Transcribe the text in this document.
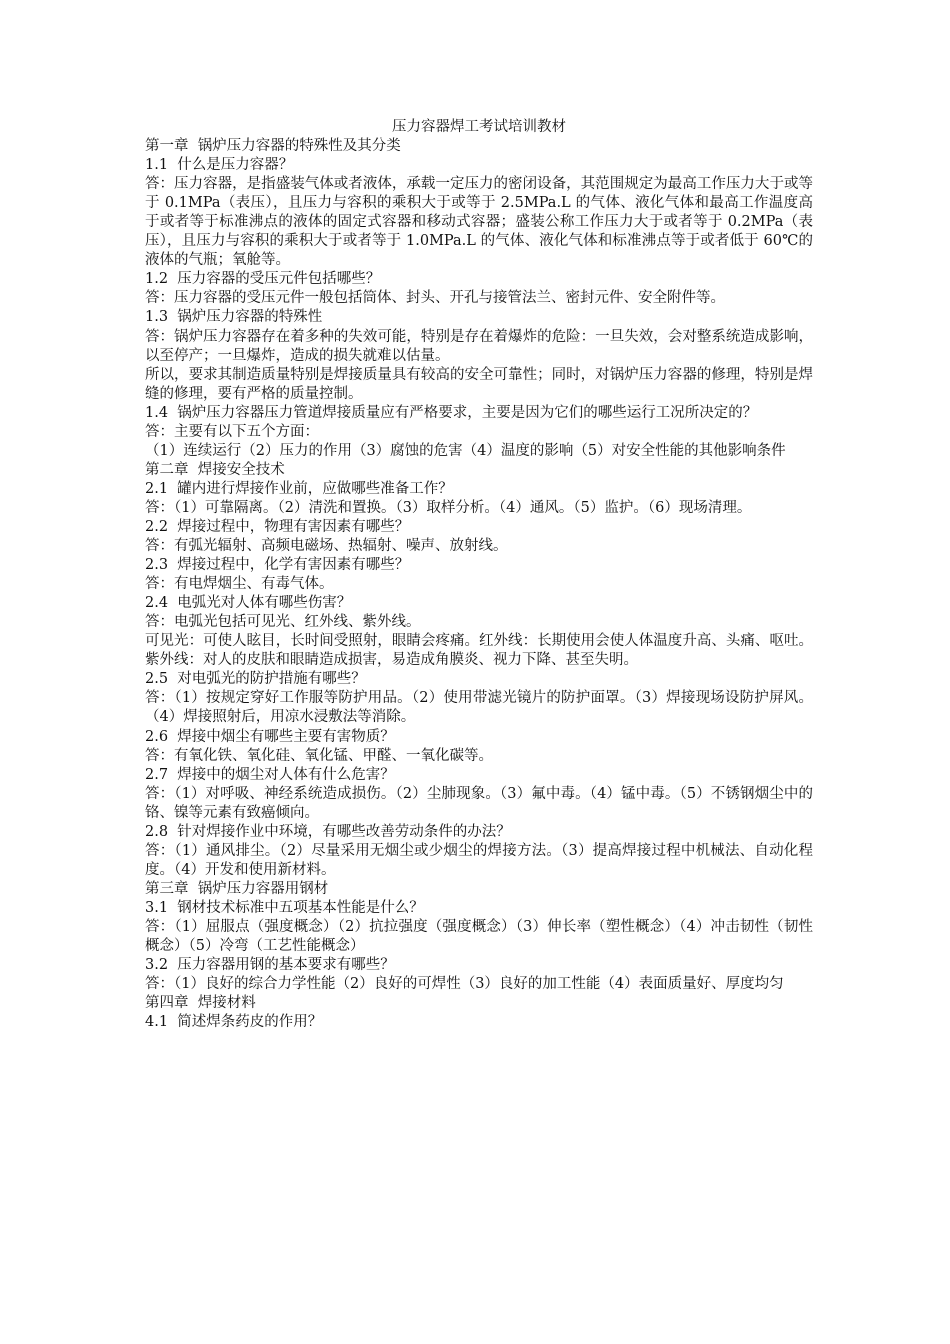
压力容器焊工考试培训教材
第一章  锅炉压力容器的特殊性及其分类
1.1  什么是压力容器？
答：压力容器，是指盛装气体或者液体，承载一定压力的密闭设备，其范围规定为最高工作压力大于或等于 0.1MPa（表压），且压力与容积的乘积大于或等于 2.5MPa.L 的气体、液化气体和最高工作温度高于或者等于标准沸点的液体的固定式容器和移动式容器；盛装公称工作压力大于或者等于 0.2MPa（表压），且压力与容积的乘积大于或者等于 1.0MPa.L 的气体、液化气体和标准沸点等于或者低于 60℃的液体的气瓶；氧舱等。
1.2  压力容器的受压元件包括哪些？
答：压力容器的受压元件一般包括筒体、封头、开孔与接管法兰、密封元件、安全附件等。
1.3  锅炉压力容器的特殊性
答：锅炉压力容器存在着多种的失效可能，特别是存在着爆炸的危险：一旦失效，会对整系统造成影响，以至停产；一旦爆炸，造成的损失就难以估量。
所以，要求其制造质量特别是焊接质量具有较高的安全可靠性；同时，对锅炉压力容器的修理，特别是焊缝的修理，要有严格的质量控制。
1.4  锅炉压力容器压力管道焊接质量应有严格要求，主要是因为它们的哪些运行工况所决定的？
答：主要有以下五个方面：
（1）连续运行（2）压力的作用（3）腐蚀的危害（4）温度的影响（5）对安全性能的其他影响条件
第二章  焊接安全技术
2.1  罐内进行焊接作业前，应做哪些准备工作？
答：（1）可靠隔离。（2）清洗和置换。（3）取样分析。（4）通风。（5）监护。（6）现场清理。
2.2  焊接过程中，物理有害因素有哪些？
答：有弧光辐射、高频电磁场、热辐射、噪声、放射线。
2.3  焊接过程中，化学有害因素有哪些？
答：有电焊烟尘、有毒气体。
2.4  电弧光对人体有哪些伤害？
答：电弧光包括可见光、红外线、紫外线。
可见光：可使人眩目，长时间受照射，眼睛会疼痛。红外线：长期使用会使人体温度升高、头痛、呕吐。紫外线：对人的皮肤和眼睛造成损害，易造成角膜炎、视力下降、甚至失明。
2.5  对电弧光的防护措施有哪些？
答：（1）按规定穿好工作服等防护用品。（2）使用带滤光镜片的防护面罩。（3）焊接现场设防护屏风。（4）焊接照射后，用凉水浸敷法等消除。
2.6  焊接中烟尘有哪些主要有害物质？
答：有氧化铁、氧化硅、氧化锰、甲醛、一氧化碳等。
2.7  焊接中的烟尘对人体有什么危害？
答：（1）对呼吸、神经系统造成损伤。（2）尘肺现象。（3）氟中毒。（4）锰中毒。（5）不锈钢烟尘中的铬、镍等元素有致癌倾向。
2.8  针对焊接作业中环境，有哪些改善劳动条件的办法？
答：（1）通风排尘。（2）尽量采用无烟尘或少烟尘的焊接方法。（3）提高焊接过程中机械法、自动化程度。（4）开发和使用新材料。
第三章  锅炉压力容器用钢材
3.1  钢材技术标准中五项基本性能是什么？
答：（1）屈服点（强度概念）（2）抗拉强度（强度概念）（3）伸长率（塑性概念）（4）冲击韧性（韧性概念）（5）冷弯（工艺性能概念）
3.2  压力容器用钢的基本要求有哪些？
答：（1）良好的综合力学性能（2）良好的可焊性（3）良好的加工性能（4）表面质量好、厚度均匀
第四章  焊接材料
4.1  简述焊条药皮的作用？
